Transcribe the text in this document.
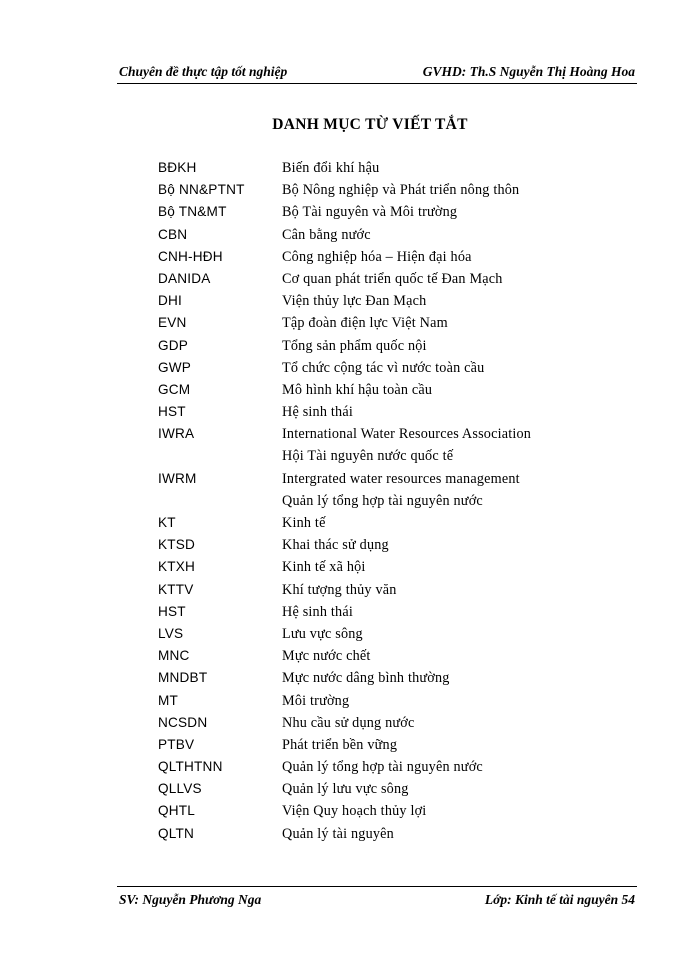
Chuyên đề thực tập tốt nghiệp	GVHD: Th.S Nguyễn Thị Hoàng Hoa
DANH MỤC TỪ VIẾT TẮT
BĐKH	Biến đổi khí hậu
Bộ NN&PTNT	Bộ Nông nghiệp và Phát triển nông thôn
Bộ TN&MT	Bộ Tài nguyên và Môi trường
CBN	Cân bằng nước
CNH-HĐH	Công nghiệp hóa – Hiện đại hóa
DANIDA	Cơ quan phát triển quốc tế Đan Mạch
DHI	Viện thủy lực Đan Mạch
EVN	Tập đoàn điện lực Việt Nam
GDP	Tổng sản phẩm quốc nội
GWP	Tổ chức cộng tác vì nước toàn cầu
GCM	Mô hình khí hậu toàn cầu
HST	Hệ sinh thái
IWRA	International Water Resources Association
Hội Tài nguyên nước quốc tế
IWRM	Intergrated water resources management
Quản lý tổng hợp tài nguyên nước
KT	Kinh tế
KTSD	Khai thác sử dụng
KTXH	Kinh tế xã hội
KTTV	Khí tượng thủy văn
HST	Hệ sinh thái
LVS	Lưu vực sông
MNC	Mực nước chết
MNDBT	Mực nước dâng bình thường
MT	Môi trường
NCSDN	Nhu cầu sử dụng nước
PTBV	Phát triển bền vững
QLTHTNN	Quản lý tổng hợp tài nguyên nước
QLLVS	Quản lý lưu vực sông
QHTL	Viện Quy hoạch thủy lợi
QLTN	Quản lý tài nguyên
SV: Nguyễn Phương Nga	Lớp: Kinh tế tài nguyên 54
